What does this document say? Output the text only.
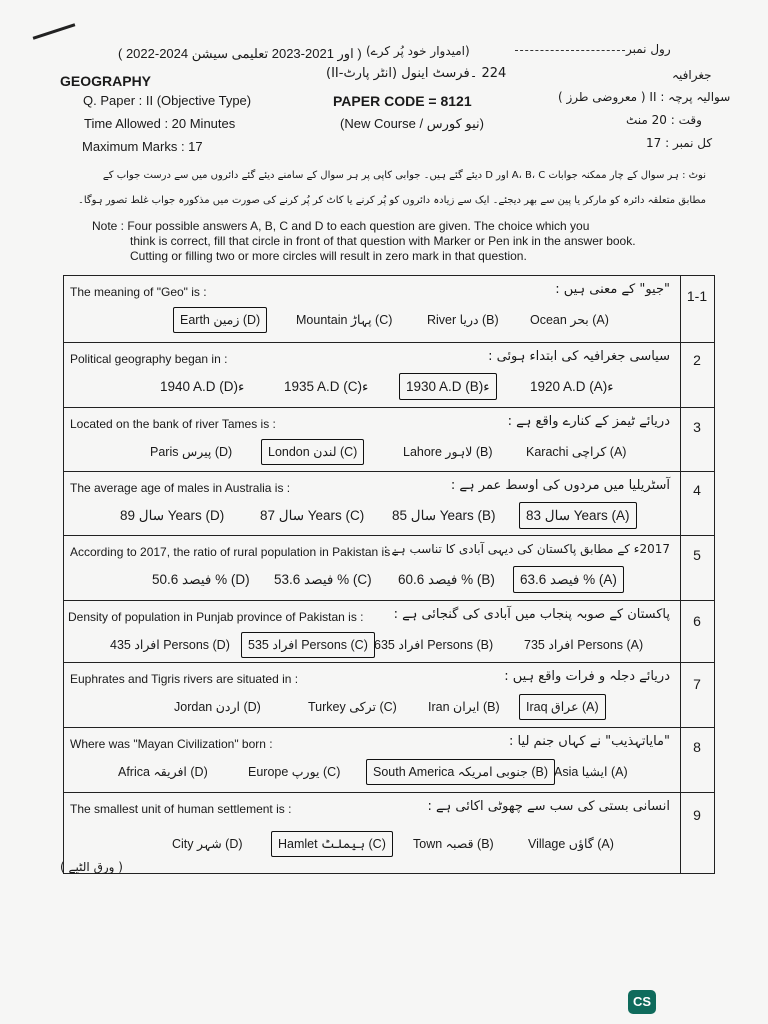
( 2022-2024 اور 2021-2023 تعلیمی سیشن ) (امیدوار خود پُر کرے)	رول نمبر
GEOGRAPHY	جغرافیہ
224 ۔فرسٹ اینول (انٹر پارٹ-II)
Q. Paper : II (Objective Type)	PAPER CODE = 8121	سوالیہ پرچہ : II ( معروضی طرز )
Time Allowed : 20 Minutes	(New Course / نیو کورس)	وقت : 20 منٹ
Maximum Marks : 17	کل نمبر : 17
نوٹ : ہر سوال کے چار ممکنہ جوابات A، B، C اور D دیئے گئے ہیں۔ جوابی کاپی پر ہر سوال کے سامنے دیئے گئے دائروں میں سے درست جواب کے
مطابق متعلقہ دائرہ کو مارکر یا پین سے بھر دیجئے۔ ایک سے زیادہ دائروں کو پُر کرنے یا کاٹ کر پُر کرنے کی صورت میں مذکورہ جواب غلط تصور ہوگا۔
Note : Four possible answers A, B, C and D to each question are given. The choice which you
think is correct, fill that circle in front of that question with Marker or Pen ink in the answer book.
Cutting or filling two or more circles will result in zero mark in that question.
1-1
The meaning of "Geo" is :	"جیو" کے معنی ہیں :
Earth زمین (D)	Mountain پہاڑ (C)	River دریا (B)	Ocean بحر (A)
2
Political geography began in :	سیاسی جغرافیہ کی ابتداء ہوئی :
1940 A.D (D)ء	1935 A.D (C)ء	1930 A.D (B)ء	1920 A.D (A)ء
3
Located on the bank of river Tames is :	دریائے ٹیمز کے کنارے واقع ہے :
Paris پیرس (D)	London لندن (C)	Lahore لاہور (B)	Karachi کراچی (A)
4
The average age of males in Australia is :	آسٹریلیا میں مردوں کی اوسط عمر ہے :
سال 89 Years (D)	سال 87 Years (C) سال 85 Years (B) سال 83 Years (A)
5
According to 2017, the ratio of rural population in Pakistan is :
2017ء کے مطابق پاکستان کی دیہی آبادی کا تناسب ہے :
فیصد 50.6 % (D) فیصد 53.6 % (C) فیصد 60.6 % (B) فیصد 63.6 % (A)
6
Density of population in Punjab province of Pakistan is : پاکستان کے صوبہ پنجاب میں آبادی کی گنجائی ہے :
افراد 435 Persons (D) افراد 535 Persons (C) افراد 635 Persons (B) افراد 735 Persons (A)
7
Euphrates and Tigris rivers are situated in :	دریائے دجلہ و فرات واقع ہیں :
Jordan اردن (D)	Turkey ترکی (C) Iran ایران (B) Iraq عراق (A)
8
Where was "Mayan Civilization" born :	"مایاتہذیب" نے کہاں جنم لیا :
Africa افریقہ (D)	Europe یورپ (C)	South America جنوبی امریکہ (B) Asia ایشیا (A)
9
The smallest unit of human settlement is :	انسانی بستی کی سب سے چھوٹی اکائی ہے :
City شہر (D)	Hamlet ہیملٹ (C) Town قصبہ (B)	Village گاؤں (A)
( ورق الٹیے )
CS
